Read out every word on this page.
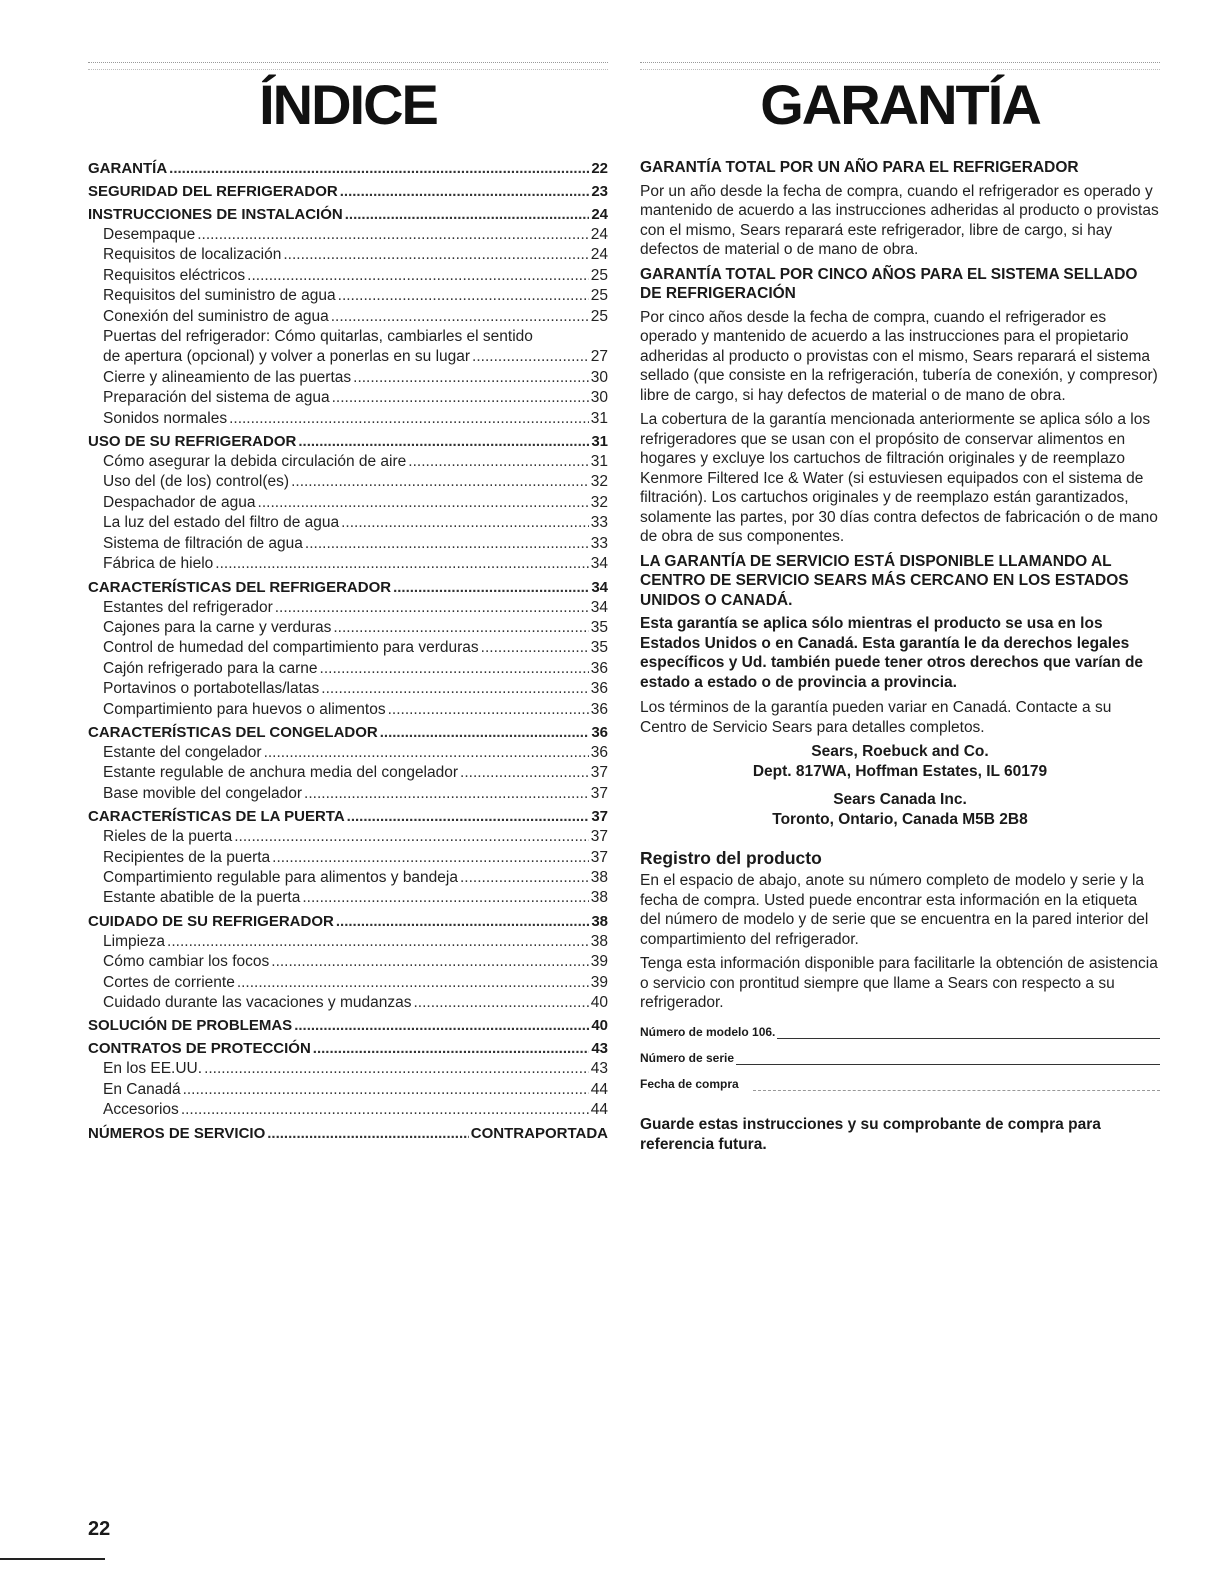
ÍNDICE
GARANTÍA .....	22
SEGURIDAD DEL REFRIGERADOR .....	23
INSTRUCCIONES DE INSTALACIÓN .....	24
Desempaque .....	24
Requisitos de localización .....	24
Requisitos eléctricos .....	25
Requisitos del suministro de agua .....	25
Conexión del suministro de agua .....	25
Puertas del refrigerador: Cómo quitarlas, cambiarles el sentido
de apertura (opcional) y volver a ponerlas en su lugar .....	27
Cierre y alineamiento de las puertas .....	30
Preparación del sistema de agua .....	30
Sonidos normales .....	31
USO DE SU REFRIGERADOR .....	31
Cómo asegurar la debida circulación de aire .....	31
Uso del (de los) control(es) .....	32
Despachador de agua .....	32
La luz del estado del filtro de agua .....	33
Sistema de filtración de agua .....	33
Fábrica de hielo .....	34
CARACTERÍSTICAS DEL REFRIGERADOR .....	34
Estantes del refrigerador .....	34
Cajones para la carne y verduras .....	35
Control de humedad del compartimiento para verduras .....	35
Cajón refrigerado para la carne .....	36
Portavinos o portabotellas/latas .....	36
Compartimiento para huevos o alimentos .....	36
CARACTERÍSTICAS DEL CONGELADOR .....	36
Estante del congelador .....	36
Estante regulable de anchura media del congelador .....	37
Base movible del congelador .....	37
CARACTERÍSTICAS DE LA PUERTA .....	37
Rieles de la puerta .....	37
Recipientes de la puerta .....	37
Compartimiento regulable para alimentos y bandeja .....	38
Estante abatible de la puerta .....	38
CUIDADO DE SU REFRIGERADOR .....	38
Limpieza .....	38
Cómo cambiar los focos .....	39
Cortes de corriente .....	39
Cuidado durante las vacaciones y mudanzas .....	40
SOLUCIÓN DE PROBLEMAS .....	40
CONTRATOS DE PROTECCIÓN .....	43
En los EE.UU. .....	43
En Canadá .....	44
Accesorios .....	44
NÚMEROS DE SERVICIO .....	CONTRAPORTADA
GARANTÍA
GARANTÍA TOTAL POR UN AÑO PARA EL REFRIGERADOR

Por un año desde la fecha de compra, cuando el refrigerador es operado y mantenido de acuerdo a las instrucciones adheridas al producto o provistas con el mismo, Sears reparará este refrigerador, libre de cargo, si hay defectos de material o de mano de obra.

GARANTÍA TOTAL POR CINCO AÑOS PARA EL SISTEMA SELLADO DE REFRIGERACIÓN

Por cinco años desde la fecha de compra, cuando el refrigerador es operado y mantenido de acuerdo a las instrucciones para el propietario adheridas al producto o provistas con el mismo, Sears reparará el sistema sellado (que consiste en la refrigeración, tubería de conexión, y compresor) libre de cargo, si hay defectos de material o de mano de obra.

La cobertura de la garantía mencionada anteriormente se aplica sólo a los refrigeradores que se usan con el propósito de conservar alimentos en hogares y excluye los cartuchos de filtración originales y de reemplazo Kenmore Filtered Ice & Water (si estuviesen equipados con el sistema de filtración). Los cartuchos originales y de reemplazo están garantizados, solamente las partes, por 30 días contra defectos de fabricación o de mano de obra de sus componentes.

LA GARANTÍA DE SERVICIO ESTÁ DISPONIBLE LLAMANDO AL CENTRO DE SERVICIO SEARS MÁS CERCANO EN LOS ESTADOS UNIDOS O CANADÁ.

Esta garantía se aplica sólo mientras el producto se usa en los Estados Unidos o en Canadá. Esta garantía le da derechos legales específicos y Ud. también puede tener otros derechos que varían de estado a estado o de provincia a provincia.

Los términos de la garantía pueden variar en Canadá. Contacte a su Centro de Servicio Sears para detalles completos.

Sears, Roebuck and Co.
Dept. 817WA, Hoffman Estates, IL 60179
Sears Canada Inc.
Toronto, Ontario, Canada M5B 2B8
Registro del producto

En el espacio de abajo, anote su número completo de modelo y serie y la fecha de compra. Usted puede encontrar esta información en la etiqueta del número de modelo y de serie que se encuentra en la pared interior del compartimiento del refrigerador.

Tenga esta información disponible para facilitarle la obtención de asistencia o servicio con prontitud siempre que llame a Sears con respecto a su refrigerador.

Número de modelo 106.
Número de serie
Fecha de compra
Guarde estas instrucciones y su comprobante de compra para referencia futura.
22
